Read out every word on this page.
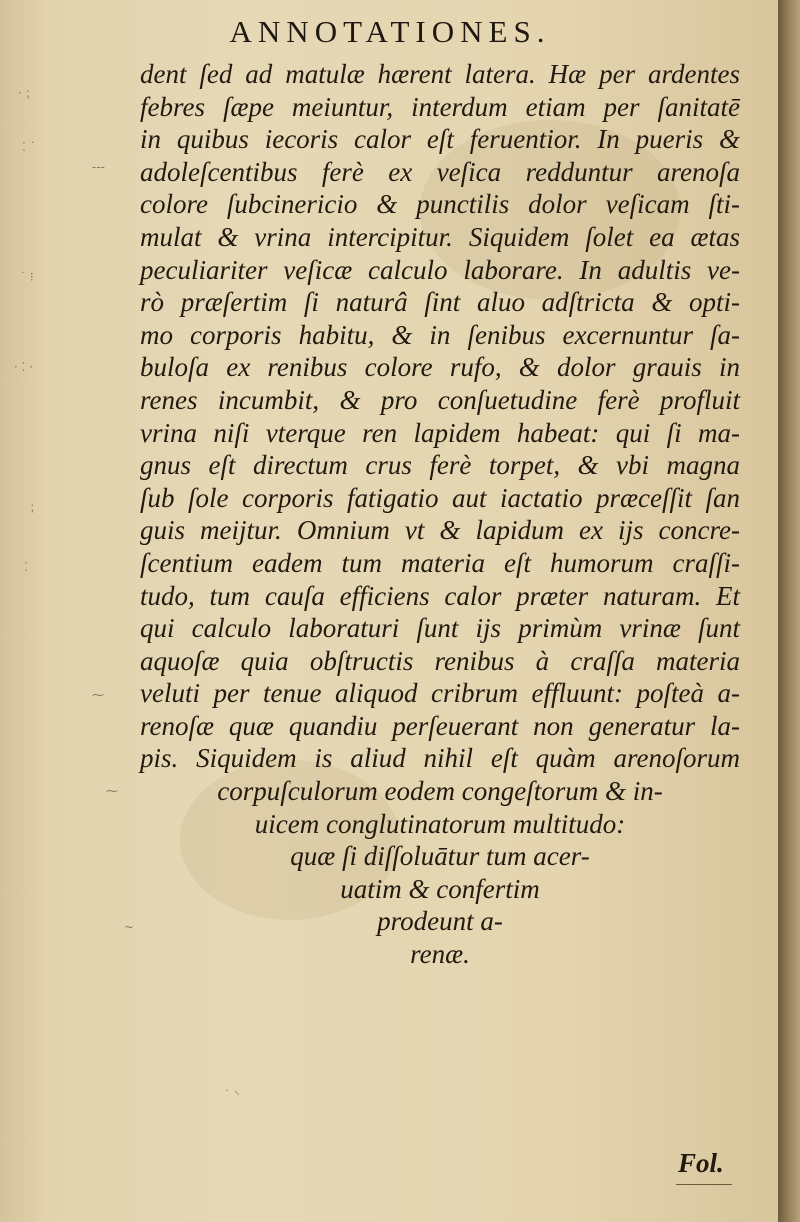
· ⁏
⁚ ˙
˙ ⁝
· ⁚ ·
⁏
⁚
‐‐‐
⁓
⁓
~
˙ ⸌
ANNOTATIONES.
dent ſed ad matulæ hærent latera. Hæ per ardentes
febres ſæpe meiuntur, interdum etiam per ſanitatē
in quibus iecoris calor eſt feruentior. In pueris &
adoleſcentibus ferè ex veſica redduntur arenoſa
colore ſubcinericio & punctilis dolor veſicam ſti-
mulat & vrina intercipitur. Siquidem ſolet ea ætas
peculiariter veſicæ calculo laborare. In adultis ve-
rò præſertim ſi naturâ ſint aluo adſtricta & opti-
mo corporis habitu, & in ſenibus excernuntur ſa-
buloſa ex renibus colore rufo, & dolor grauis in
renes incumbit, & pro conſuetudine ferè profluit
vrina niſi vterque ren lapidem habeat: qui ſi ma-
gnus eſt directum crus ferè torpet, & vbi magna
ſub ſole corporis fatigatio aut iactatio præceſſit ſan
guis meijtur. Omnium vt & lapidum ex ijs concre-
ſcentium eadem tum materia eſt humorum craſſi-
tudo, tum cauſa efficiens calor præter naturam. Et
qui calculo laboraturi ſunt ijs primùm vrinæ ſunt
aquoſæ quia obſtructis renibus à craſſa materia
veluti per tenue aliquod cribrum effluunt: poſteà a-
renoſæ quæ quandiu perſeuerant non generatur la-
pis. Siquidem is aliud nihil eſt quàm arenoſorum
corpuſculorum eodem congeſtorum & in-
uicem conglutinatorum multitudo:
quæ ſi diſſoluātur tum acer-
uatim & confertim
prodeunt a-
renæ.
Fol.
